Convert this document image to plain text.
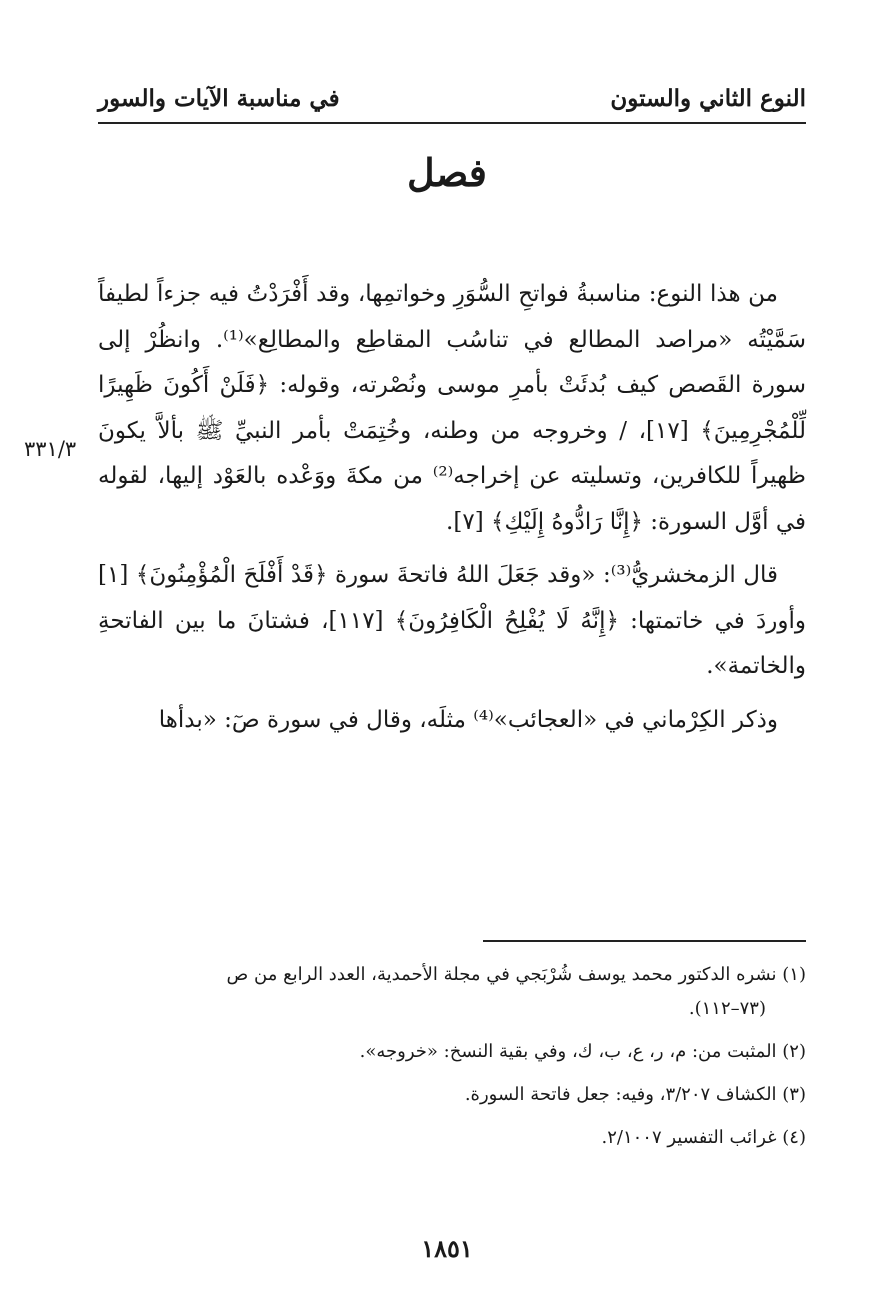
النوع الثاني والستون
في مناسبة الآيات والسور
فصل
٣٣١/٣

من هذا النوع: مناسبةُ فواتحِ السُّوَرِ وخواتمِها، وقد أَفْرَدْتُ فيه جزءاً لطيفاً سَمَّيْتُه «مراصد المطالع في تناسُب المقاطِع والمطالِع»⁽¹⁾. وانظُرْ إلى سورة القَصص كيف بُدئَتْ بأمرِ موسى ونُصْرته، وقوله: ﴿فَلَنْ أَكُونَ ظَهِيرًا لِّلْمُجْرِمِينَ﴾ [١٧]، / وخروجه من وطنه، وخُتِمَتْ بأمر النبيِّ ﷺ بألاَّ يكونَ ظهيراً للكافرين، وتسليته عن إخراجه⁽²⁾ من مكةَ ووَعْده بالعَوْد إليها، لقوله في أوَّل السورة: ﴿إِنَّا رَادُّوهُ إِلَيْكِ﴾ [٧].

قال الزمخشريُّ⁽³⁾: «وقد جَعَلَ اللهُ فاتحةَ سورة ﴿قَدْ أَفْلَحَ الْمُؤْمِنُونَ﴾ [١] وأوردَ في خاتمتها: ﴿إِنَّهُ لَا يُفْلِحُ الْكَافِرُونَ﴾ [١١٧]، فشتانَ ما بين الفاتحةِ والخاتمة».

وذكر الكِرْماني في «العجائب»⁽⁴⁾ مثلَه، وقال في سورة صٓ: «بدأها

(١) نشره الدكتور محمد يوسف شُرْبَجي في مجلة الأحمدية، العدد الرابع من ص
(٧٣–١١٢).

(٢) المثبت من: م، ر، ع، ب، ك، وفي بقية النسخ: «خروجه».

(٣) الكشاف ٣/٢٠٧، وفيه: جعل فاتحة السورة.

(٤) غرائب التفسير ٢/١٠٠٧.

١٨٥١
